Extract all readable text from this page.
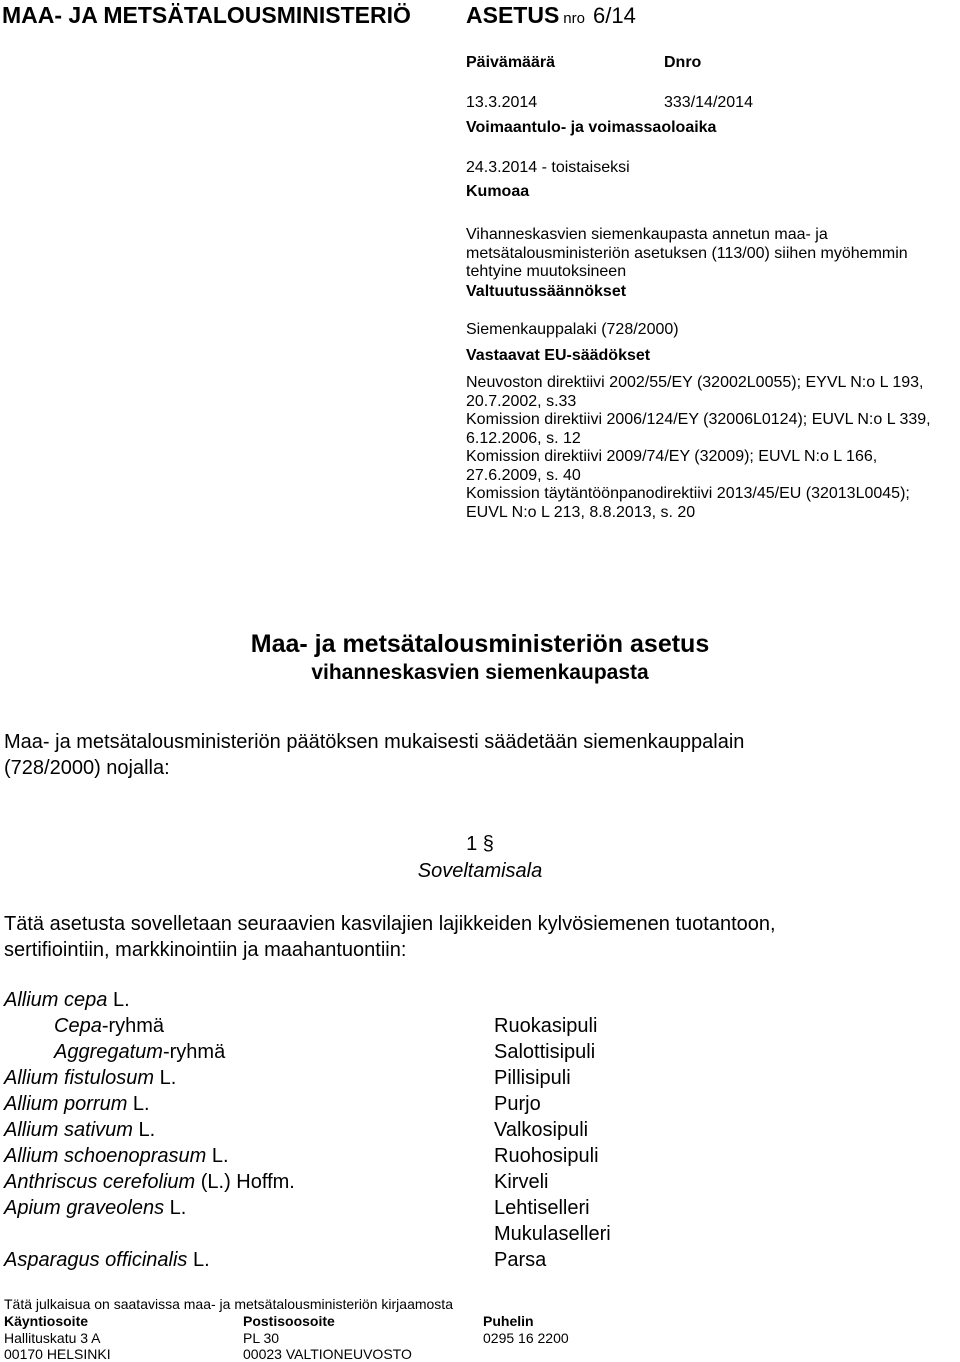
MAA- JA METSÄTALOUSMINISTERIÖ ASETUS nro 6/14
Päivämäärä	Dnro
13.3.2014	333/14/2014
Voimaantulo- ja voimassaoloaika
24.3.2014 - toistaiseksi
Kumoaa

Vihanneskasvien siemenkaupasta annetun maa- ja

metsätalousministeriön asetuksen (113/00) siihen myöhemmin

tehtyine muutoksineen

Valtuutussäännökset
Siemenkauppalaki (728/2000)
Vastaavat EU-säädökset

Neuvoston direktiivi 2002/55/EY (32002L0055); EYVL N:o L 193,

20.7.2002, s.33

Komission direktiivi 2006/124/EY (32006L0124); EUVL N:o L 339,

6.12.2006, s. 12

Komission direktiivi 2009/74/EY (32009); EUVL N:o L 166,

27.6.2009, s. 40

Komission täytäntöönpanodirektiivi 2013/45/EU (32013L0045);

EUVL N:o L 213, 8.8.2013, s. 20

Maa- ja metsätalousministeriön asetus
vihanneskasvien siemenkaupasta

Maa- ja metsätalousministeriön päätöksen mukaisesti säädetään siemenkauppalain

(728/2000) nojalla:

1 §
Soveltamisala

Tätä asetusta sovelletaan seuraavien kasvilajien lajikkeiden kylvösiemenen tuotantoon,

sertifiointiin, markkinointiin ja maahantuontiin:

Allium cepa L.
Cepa-ryhmä	Ruokasipuli
Aggregatum-ryhmä	Salottisipuli
Allium fistulosum L.	Pillisipuli
Allium porrum L.	Purjo
Allium sativum L.	Valkosipuli
Allium schoenoprasum L.	Ruohosipuli
Anthriscus cerefolium (L.) Hoffm.	Kirveli
Apium graveolens L.	Lehtiselleri
Mukulaselleri
Asparagus officinalis L.	Parsa
Tätä julkaisua on saatavissa maa- ja metsätalousministeriön kirjaamosta
Käyntiosoite	Postisoosoite	Puhelin
Hallituskatu 3 A	PL 30	0295 16 2200
00170 HELSINKI	00023 VALTIONEUVOSTO
